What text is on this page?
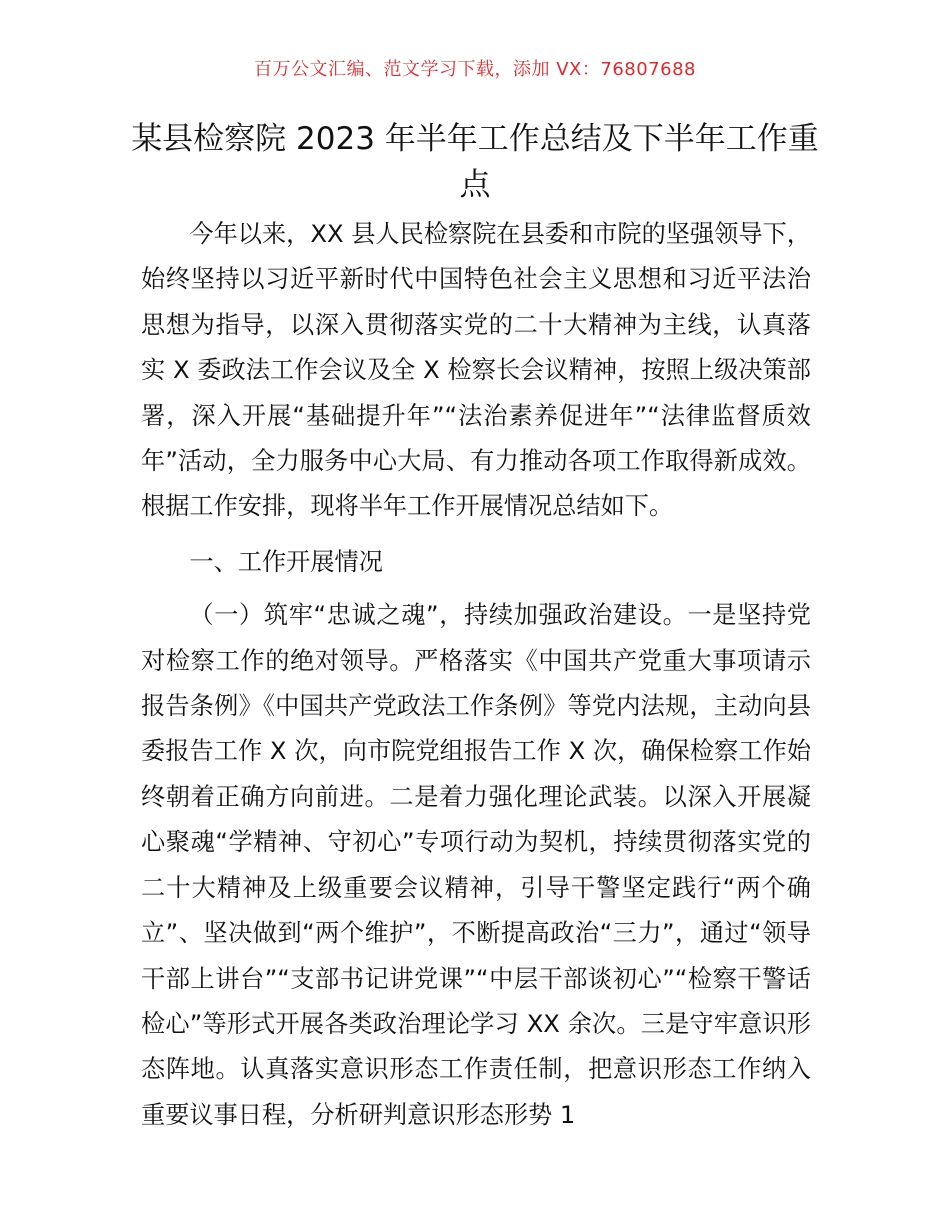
百万公文汇编、范文学习下载，添加 VX：76807688
某县检察院 2023 年半年工作总结及下半年工作重点

今年以来，XX 县人民检察院在县委和市院的坚强领导下，始终坚持以习近平新时代中国特色社会主义思想和习近平法治思想为指导，以深入贯彻落实党的二十大精神为主线，认真落实 X 委政法工作会议及全 X 检察长会议精神，按照上级决策部署，深入开展“基础提升年”“法治素养促进年”“法律监督质效年”活动，全力服务中心大局、有力推动各项工作取得新成效。根据工作安排，现将半年工作开展情况总结如下。

一、工作开展情况

（一）筑牢“忠诚之魂”，持续加强政治建设。一是坚持党对检察工作的绝对领导。严格落实《中国共产党重大事项请示报告条例》《中国共产党政法工作条例》等党内法规，主动向县委报告工作 X 次，向市院党组报告工作 X 次，确保检察工作始终朝着正确方向前进。二是着力强化理论武装。以深入开展凝心聚魂“学精神、守初心”专项行动为契机，持续贯彻落实党的二十大精神及上级重要会议精神，引导干警坚定践行“两个确立”、坚决做到“两个维护”，不断提高政治“三力”，通过“领导干部上讲台”“支部书记讲党课”“中层干部谈初心”“检察干警话检心”等形式开展各类政治理论学习 XX 余次。三是守牢意识形态阵地。认真落实意识形态工作责任制，把意识形态工作纳入重要议事日程，分析研判意识形态形势 1
